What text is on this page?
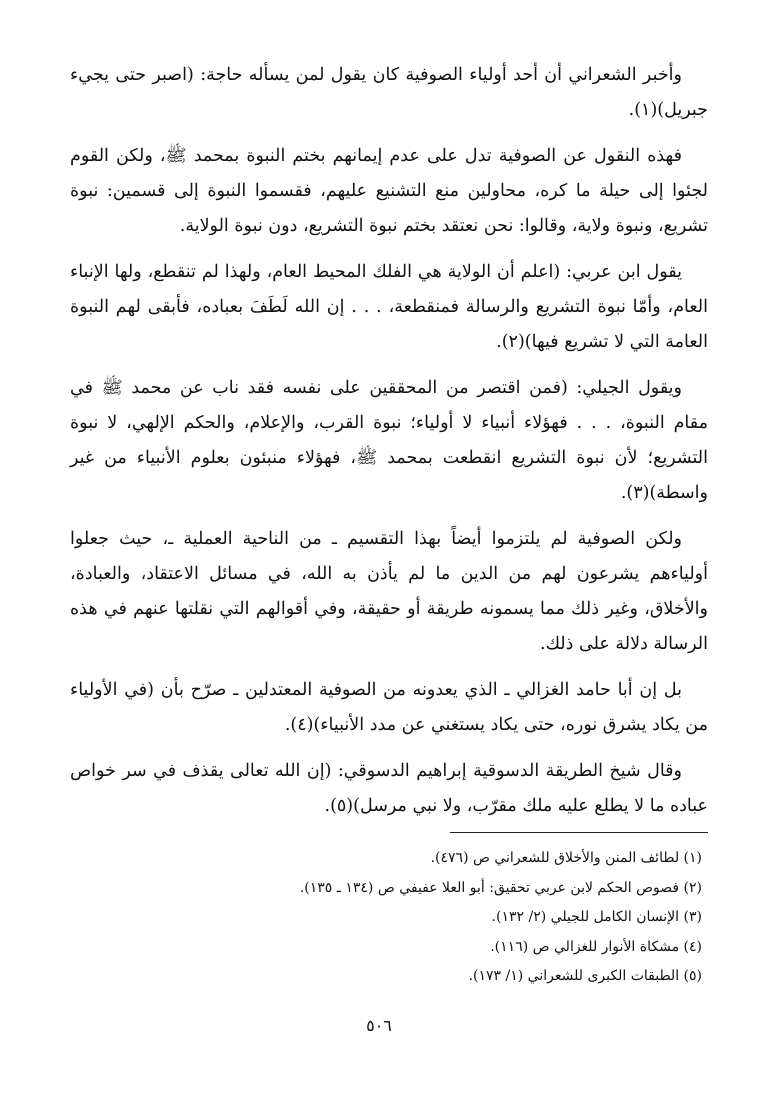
وأخبر الشعراني أن أحد أولياء الصوفية كان يقول لمن يسأله حاجة: (اصبر حتى يجيء جبريل)(١).

فهذه النقول عن الصوفية تدل على عدم إيمانهم بختم النبوة بمحمد ﷺ، ولكن القوم لجئوا إلى حيلة ما كره، محاولين منع التشنيع عليهم، فقسموا النبوة إلى قسمين: نبوة تشريع، ونبوة ولاية، وقالوا: نحن نعتقد بختم نبوة التشريع، دون نبوة الولاية.

يقول ابن عربي: (اعلم أن الولاية هي الفلك المحيط العام، ولهذا لم تنقطع، ولها الإنباء العام، وأمّا نبوة التشريع والرسالة فمنقطعة، . . . إن الله لَطَفَ بعباده، فأبقى لهم النبوة العامة التي لا تشريع فيها)(٢).

ويقول الجيلي: (فمن اقتصر من المحققين على نفسه فقد ناب عن محمد ﷺ في مقام النبوة، . . . فهؤلاء أنبياء لا أولياء؛ نبوة القرب، والإعلام، والحكم الإلهي، لا نبوة التشريع؛ لأن نبوة التشريع انقطعت بمحمد ﷺ، فهؤلاء منبئون بعلوم الأنبياء من غير واسطة)(٣).

ولكن الصوفية لم يلتزموا أيضاً بهذا التقسيم ـ من الناحية العملية ـ، حيث جعلوا أولياءهم يشرعون لهم من الدين ما لم يأذن به الله، في مسائل الاعتقاد، والعبادة، والأخلاق، وغير ذلك مما يسمونه طريقة أو حقيقة، وفي أقوالهم التي نقلتها عنهم في هذه الرسالة دلالة على ذلك.

بل إن أبا حامد الغزالي ـ الذي يعدونه من الصوفية المعتدلين ـ صرّح بأن (في الأولياء من يكاد يشرق نوره، حتى يكاد يستغني عن مدد الأنبياء)(٤).

وقال شيخ الطريقة الدسوقية إبراهيم الدسوقي: (إن الله تعالى يقذف في سر خواص عباده ما لا يطلع عليه ملك مقرّب، ولا نبي مرسل)(٥).

(١) لطائف المنن والأخلاق للشعراني ص (٤٧٦).

(٢) فصوص الحكم لابن عربي تحقيق: أبو العلا عفيفي ص (١٣٤ ـ ١٣٥).

(٣) الإنسان الكامل للجيلي (٢/ ١٣٢).

(٤) مشكاة الأنوار للغزالي ص (١١٦).

(٥) الطبقات الكبرى للشعراني (١/ ١٧٣).

٥٠٦
